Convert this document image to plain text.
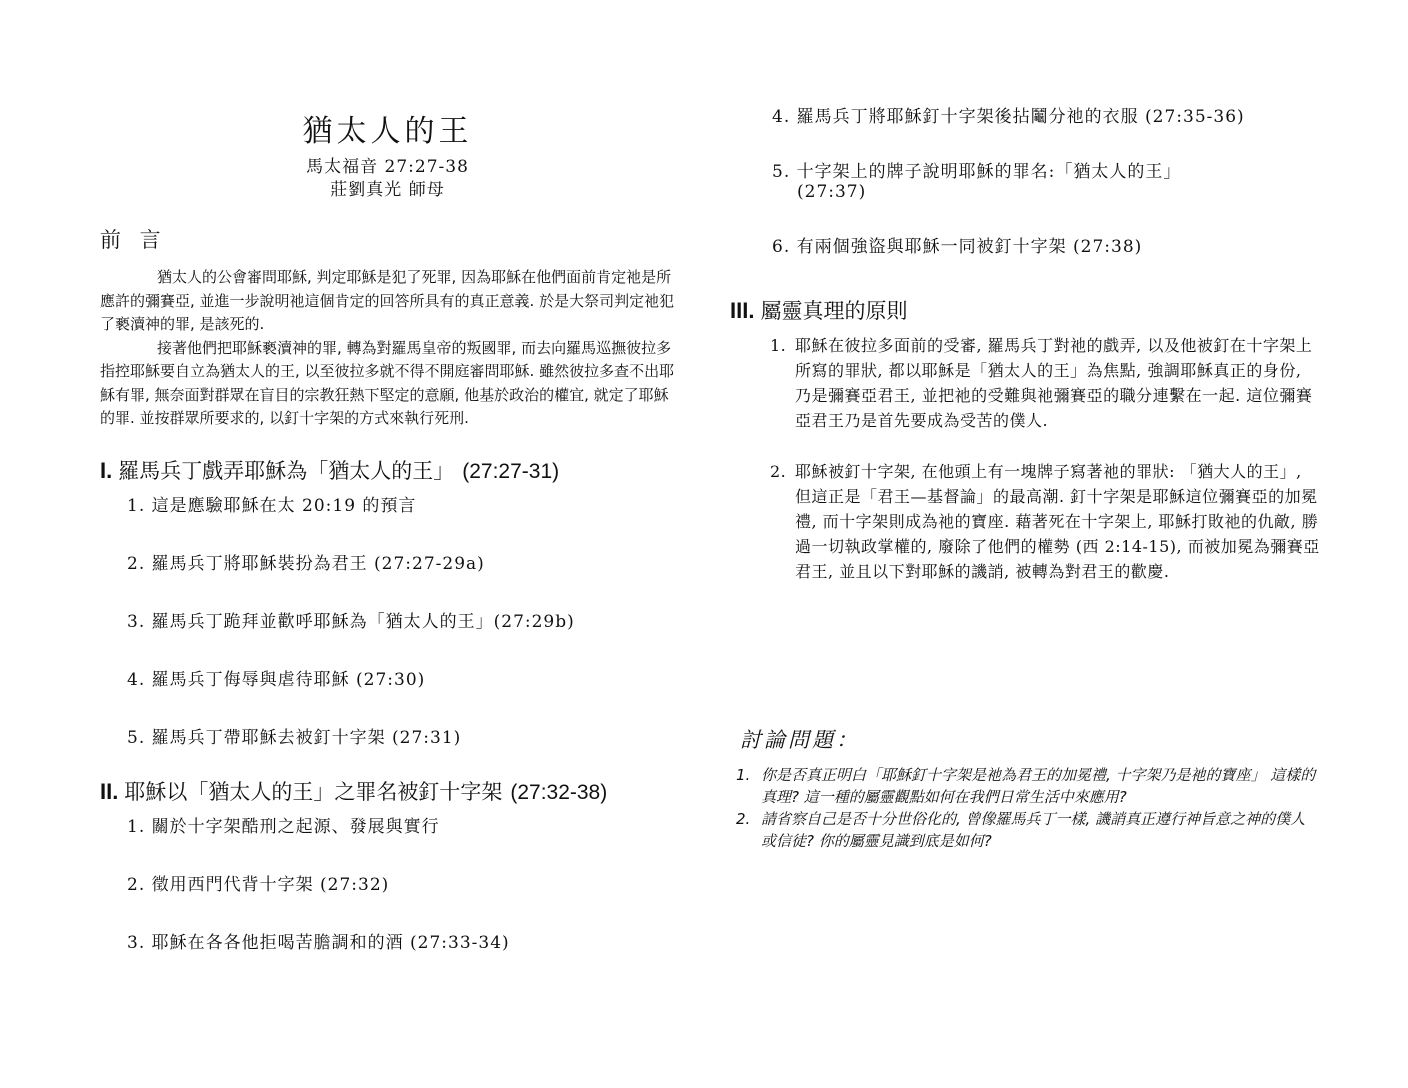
猶太人的王
馬太福音 27:27-38
莊劉真光 師母
前 言

猶太人的公會審問耶穌, 判定耶穌是犯了死罪, 因為耶穌在他們面前肯定祂是所應許的彌賽亞, 並進一步說明祂這個肯定的回答所具有的真正意義. 於是大祭司判定祂犯了褻瀆神的罪, 是該死的.

接著他們把耶穌褻瀆神的罪, 轉為對羅馬皇帝的叛國罪, 而去向羅馬巡撫彼拉多指控耶穌要自立為猶太人的王, 以至彼拉多就不得不開庭審問耶穌. 雖然彼拉多查不出耶穌有罪, 無奈面對群眾在盲目的宗教狂熱下堅定的意願, 他基於政治的權宜, 就定了耶穌的罪. 並按群眾所要求的, 以釘十字架的方式來執行死刑.

I. 羅馬兵丁戲弄耶穌為「猶太人的王」 (27:27-31)
1. 這是應驗耶穌在太 20:19 的預言
2. 羅馬兵丁將耶穌裝扮為君王 (27:27-29a)
3. 羅馬兵丁跪拜並歡呼耶穌為「猶太人的王」(27:29b)
4. 羅馬兵丁侮辱與虐待耶穌 (27:30)
5. 羅馬兵丁帶耶穌去被釘十字架 (27:31)
II. 耶穌以「猶太人的王」之罪名被釘十字架 (27:32-38)
1. 關於十字架酷刑之起源、發展與實行
2. 徵用西門代背十字架 (27:32)
3. 耶穌在各各他拒喝苦膽調和的酒 (27:33-34)
4. 羅馬兵丁將耶穌釘十字架後拈鬮分祂的衣服 (27:35-36)
5. 十字架上的牌子說明耶穌的罪名:「猶太人的王」
(27:37)
6. 有兩個強盜與耶穌一同被釘十字架 (27:38)
III. 屬靈真理的原則
1. 耶穌在彼拉多面前的受審, 羅馬兵丁對祂的戲弄, 以及他被釘在十字架上所寫的罪狀, 都以耶穌是「猶太人的王」為焦點, 強調耶穌真正的身份, 乃是彌賽亞君王, 並把祂的受難與祂彌賽亞的職分連繫在一起. 這位彌賽亞君王乃是首先要成為受苦的僕人.
2. 耶穌被釘十字架, 在他頭上有一塊牌子寫著祂的罪狀: 「猶大人的王」, 但這正是「君王—基督論」的最高潮. 釘十字架是耶穌這位彌賽亞的加冕禮, 而十字架則成為祂的寶座. 藉著死在十字架上, 耶穌打敗祂的仇敵, 勝過一切執政掌權的, 廢除了他們的權勢 (西 2:14-15), 而被加冕為彌賽亞君王, 並且以下對耶穌的譏誚, 被轉為對君王的歡慶.
討論問題：
1. 你是否真正明白「耶穌釘十字架是祂為君王的加冕禮, 十字架乃是祂的寶座」 這樣的真理? 這一種的屬靈觀點如何在我們日常生活中來應用?
2. 請省察自己是否十分世俗化的, 曾像羅馬兵丁一樣, 譏誚真正遵行神旨意之神的僕人或信徒? 你的屬靈見識到底是如何?
